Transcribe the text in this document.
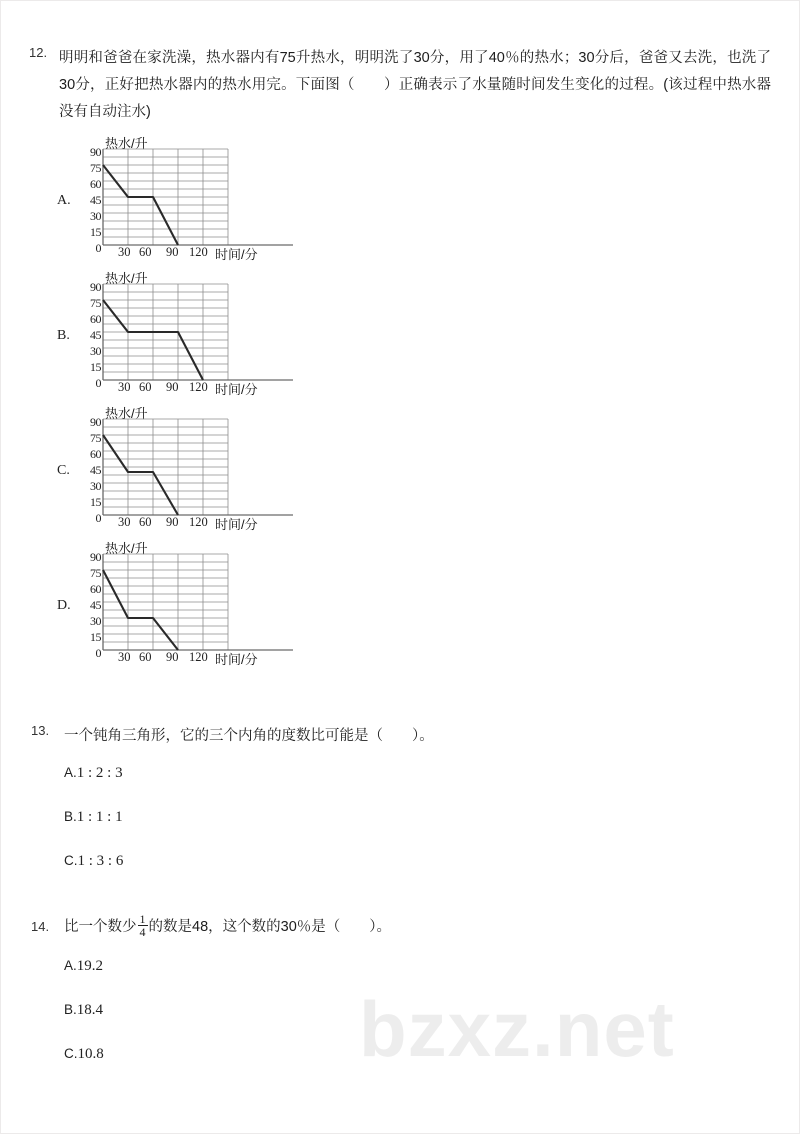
bzxz.net
12. 明明和爸爸在家洗澡，热水器内有75升热水，明明洗了30分，用了40％的热水；30分后，爸爸又去洗，也洗了30分，正好把热水器内的热水用完。下面图（　　）正确表示了水量随时间发生变化的过程。(该过程中热水器没有自动注水)
A.
热水/升
90
75
60
45
30
15
0 30 60 90 120 时间/分
B.
热水/升
90
75
60
45
30
15
0 30 60 90 120 时间/分
C.
热水/升
90
75
60
45
30
15
0 30 60 90 120 时间/分
D.
热水/升
90
75
60
45
30
15
0 30 60 90 120 时间/分
13. 一个钝角三角形，它的三个内角的度数比可能是（　　）。
A.1 : 2 : 3
B.1 : 1 : 1
C.1 : 3 : 6
14. 比一个数少 $\frac{1}{4}$ 的数是48，这个数的30％是（　　）。
A.19.2
B.18.4
C.10.8
